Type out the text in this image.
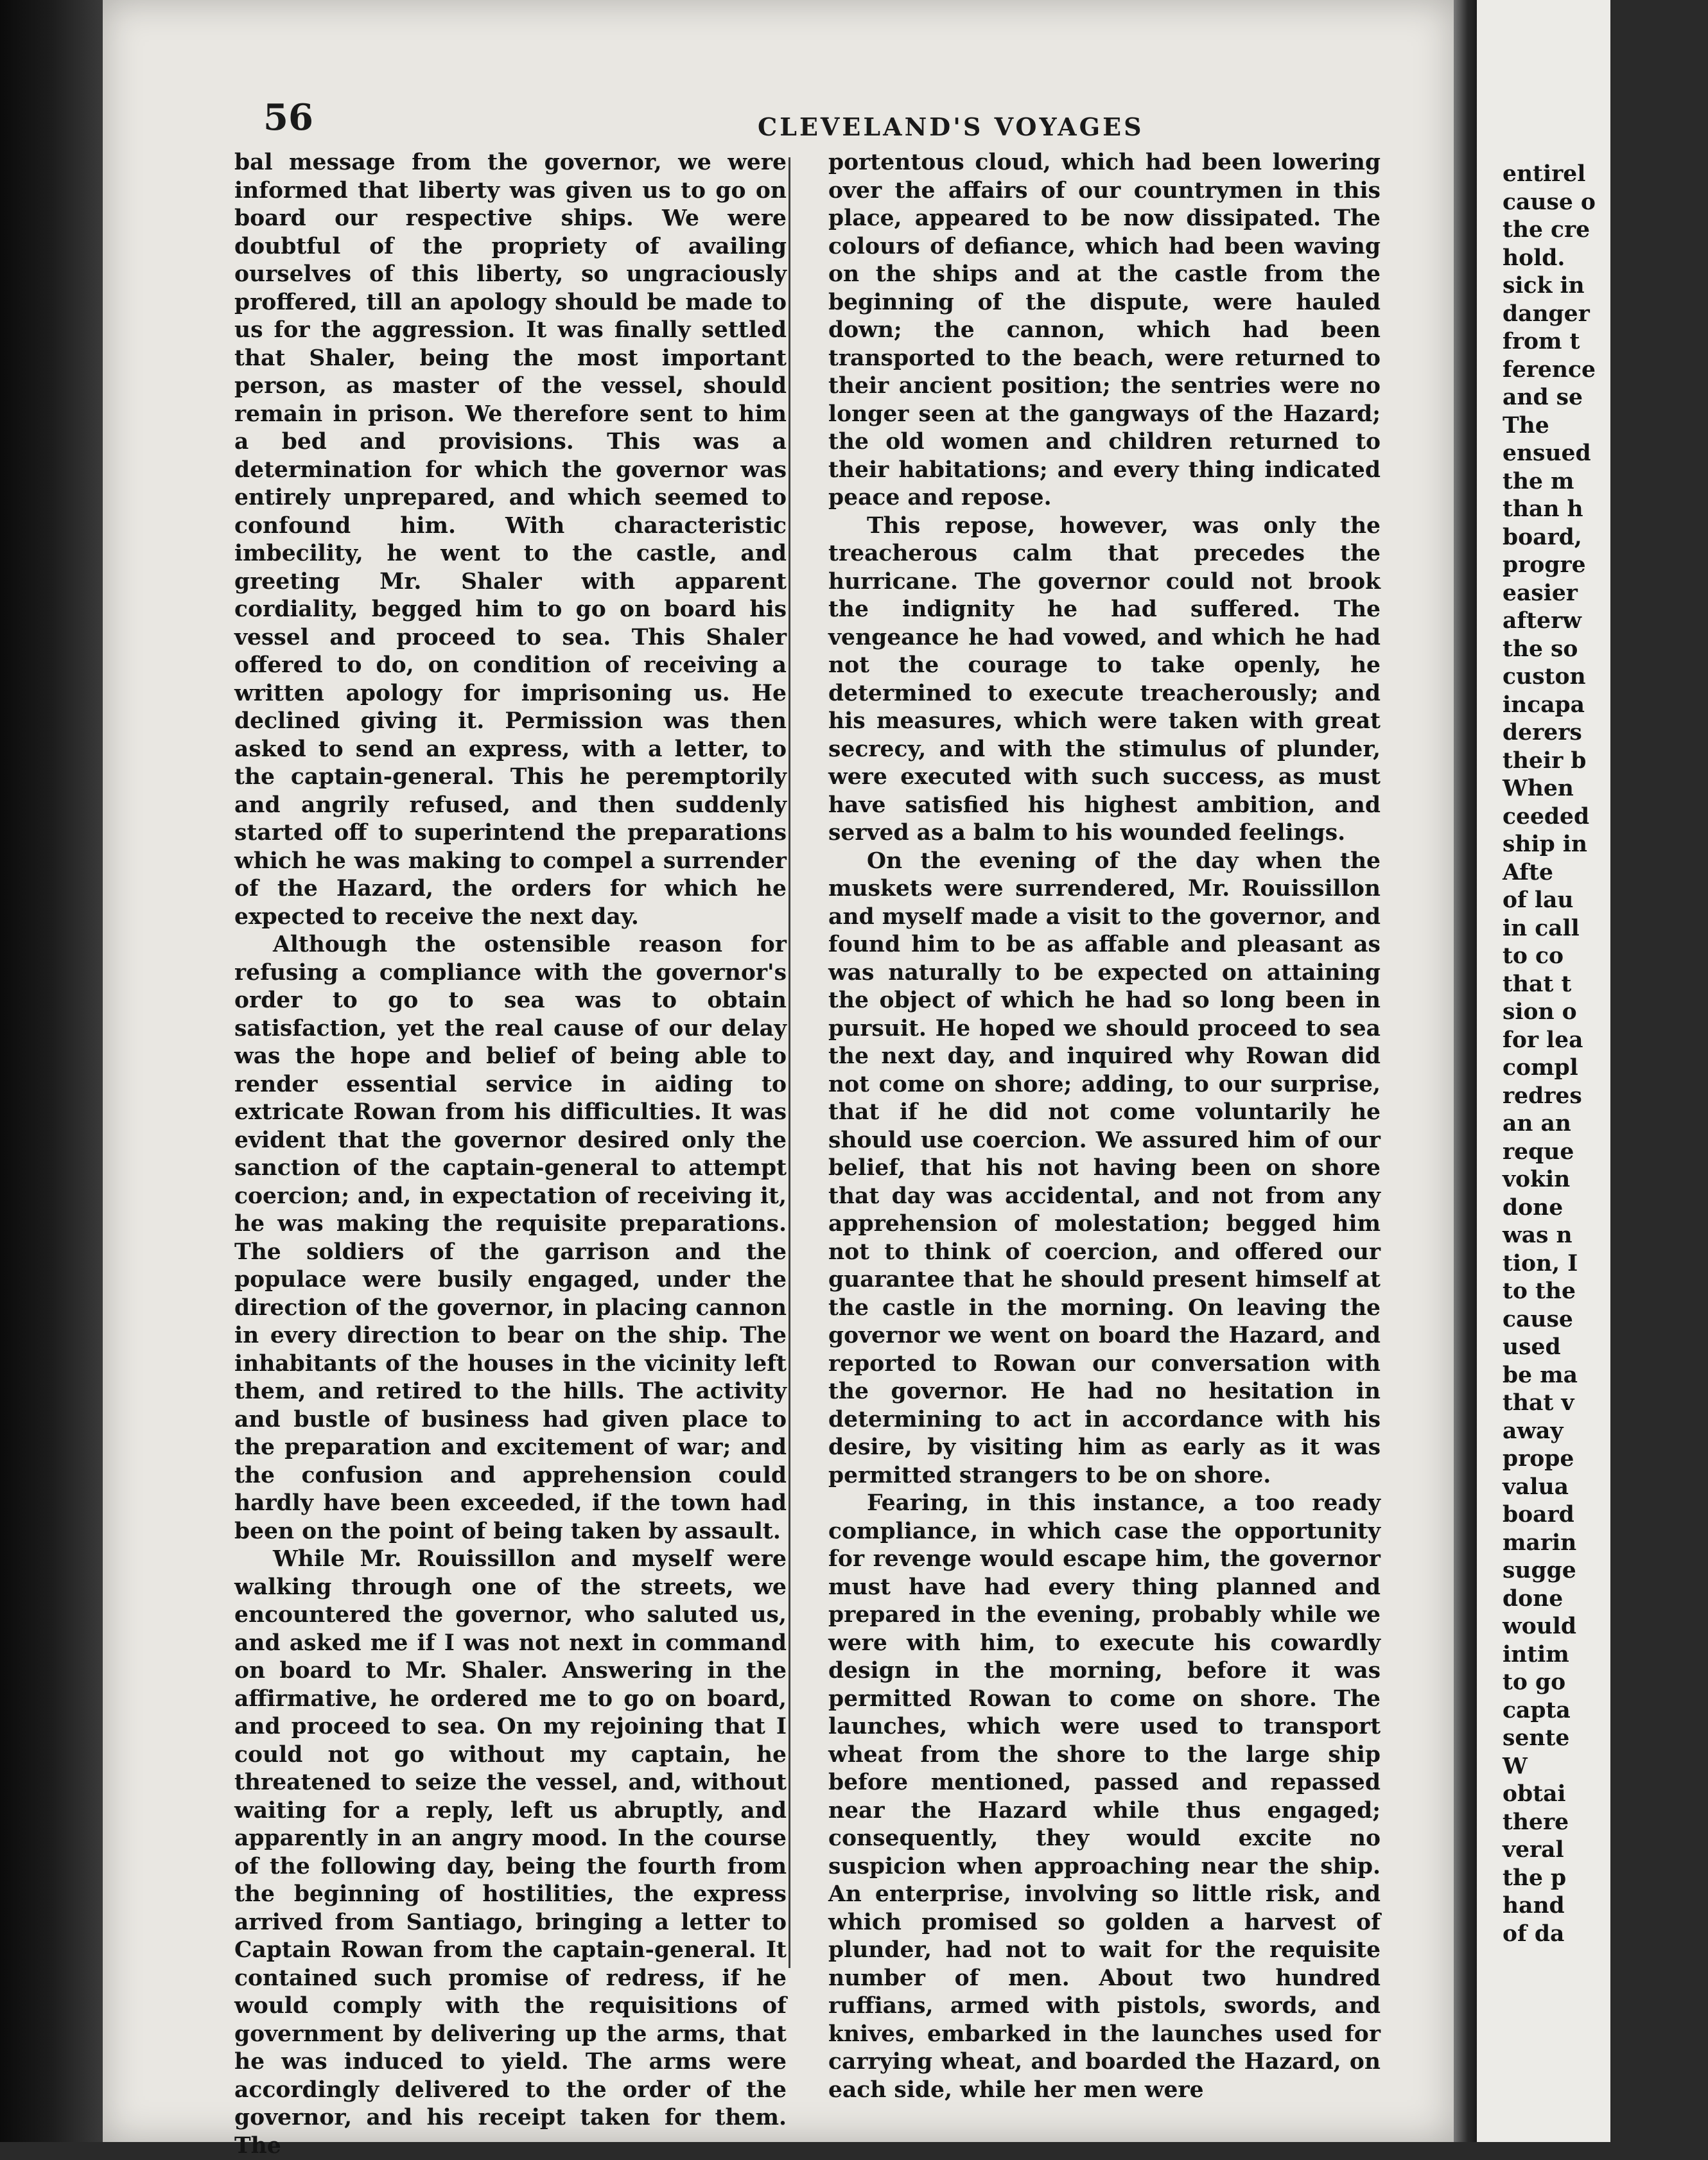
56	CLEVELAND'S VOYAGES

bal message from the governor, we were informed that liberty was given us to go on board our respective ships. We were doubtful of the propriety of availing ourselves of this liberty, so ungraciously proffered, till an apology should be made to us for the aggression. It was finally settled that Shaler, being the most important person, as master of the vessel, should remain in prison. We therefore sent to him a bed and provisions. This was a determination for which the governor was entirely unprepared, and which seemed to confound him. With characteristic imbecility, he went to the castle, and greeting Mr. Shaler with apparent cordiality, begged him to go on board his vessel and proceed to sea. This Shaler offered to do, on condition of receiving a written apology for imprisoning us. He declined giving it. Permission was then asked to send an express, with a letter, to the captain-general. This he peremptorily and angrily refused, and then suddenly started off to superintend the preparations which he was making to compel a surrender of the Hazard, the orders for which he expected to receive the next day.

Although the ostensible reason for refusing a compliance with the governor's order to go to sea was to obtain satisfaction, yet the real cause of our delay was the hope and belief of being able to render essential service in aiding to extricate Rowan from his difficulties. It was evident that the governor desired only the sanction of the captain-general to attempt coercion; and, in expectation of receiving it, he was making the requisite preparations. The soldiers of the garrison and the populace were busily engaged, under the direction of the governor, in placing cannon in every direction to bear on the ship. The inhabitants of the houses in the vicinity left them, and retired to the hills. The activity and bustle of business had given place to the preparation and excitement of war; and the confusion and apprehension could hardly have been exceeded, if the town had been on the point of being taken by assault.

While Mr. Rouissillon and myself were walking through one of the streets, we encountered the governor, who saluted us, and asked me if I was not next in command on board to Mr. Shaler. Answering in the affirmative, he ordered me to go on board, and proceed to sea. On my rejoining that I could not go without my captain, he threatened to seize the vessel, and, without waiting for a reply, left us abruptly, and apparently in an angry mood. In the course of the following day, being the fourth from the beginning of hostilities, the express arrived from Santiago, bringing a letter to Captain Rowan from the captain-general. It contained such promise of redress, if he would comply with the requisitions of government by delivering up the arms, that he was induced to yield. The arms were accordingly delivered to the order of the governor, and his receipt taken for them. The

portentous cloud, which had been lowering over the affairs of our countrymen in this place, appeared to be now dissipated. The colours of defiance, which had been waving on the ships and at the castle from the beginning of the dispute, were hauled down; the cannon, which had been transported to the beach, were returned to their ancient position; the sentries were no longer seen at the gangways of the Hazard; the old women and children returned to their habitations; and every thing indicated peace and repose.

This repose, however, was only the treacherous calm that precedes the hurricane. The governor could not brook the indignity he had suffered. The vengeance he had vowed, and which he had not the courage to take openly, he determined to execute treacherously; and his measures, which were taken with great secrecy, and with the stimulus of plunder, were executed with such success, as must have satisfied his highest ambition, and served as a balm to his wounded feelings.

On the evening of the day when the muskets were surrendered, Mr. Rouissillon and myself made a visit to the governor, and found him to be as affable and pleasant as was naturally to be expected on attaining the object of which he had so long been in pursuit. He hoped we should proceed to sea the next day, and inquired why Rowan did not come on shore; adding, to our surprise, that if he did not come voluntarily he should use coercion. We assured him of our belief, that his not having been on shore that day was accidental, and not from any apprehension of molestation; begged him not to think of coercion, and offered our guarantee that he should present himself at the castle in the morning. On leaving the governor we went on board the Hazard, and reported to Rowan our conversation with the governor. He had no hesitation in determining to act in accordance with his desire, by visiting him as early as it was permitted strangers to be on shore.

Fearing, in this instance, a too ready compliance, in which case the opportunity for revenge would escape him, the governor must have had every thing planned and prepared in the evening, probably while we were with him, to execute his cowardly design in the morning, before it was permitted Rowan to come on shore. The launches, which were used to transport wheat from the shore to the large ship before mentioned, passed and repassed near the Hazard while thus engaged; consequently, they would excite no suspicion when approaching near the ship. An enterprise, involving so little risk, and which promised so golden a harvest of plunder, had not to wait for the requisite number of men. About two hundred ruffians, armed with pistols, swords, and knives, embarked in the launches used for carrying wheat, and boarded the Hazard, on each side, while her men were

entirel
cause o
the cre
hold.
sick in
danger
from t
ference
and se
The
ensued
the m
than h
board,
progre
easier
afterw
the so
custon
incapa
derers
their b
When
ceeded
ship in
Afte
of lau
in call
to co
that t
sion o
for lea
compl
redres
an an
reque
vokin
done
was n
tion, I
to the
cause
used
be ma
that v
away
prope
valua
board
marin
sugge
done
would
intim
to go
capta
sente
W
obtai
there
veral
the p
hand
of da
